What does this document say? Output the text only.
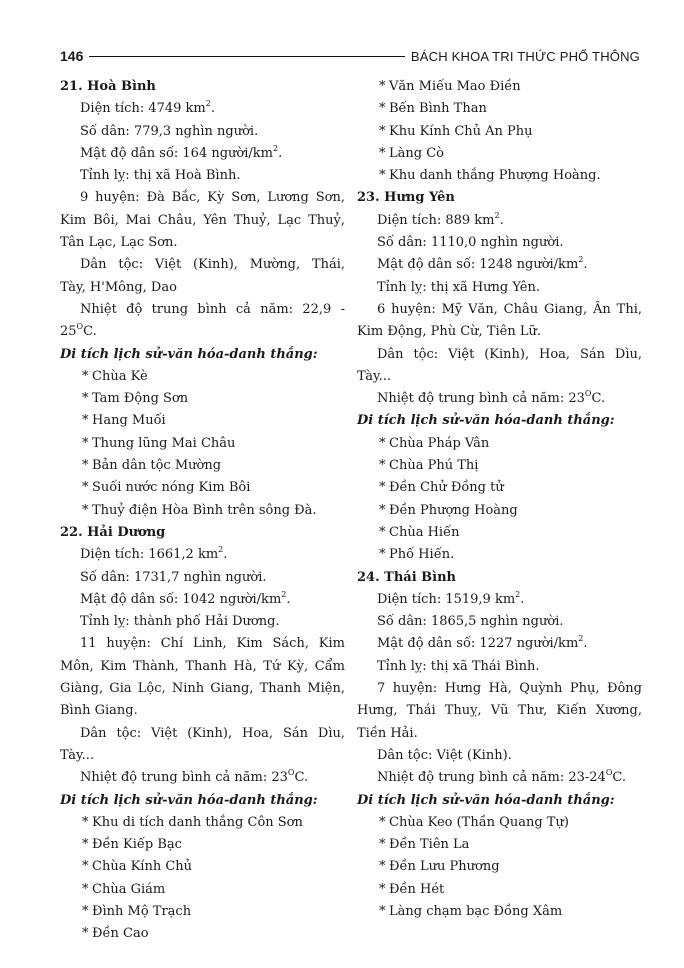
146	BÁCH KHOA TRI THỨC PHỔ THÔNG
21. Hoà Bình
Diện tích: 4749 $km^2$.
Số dân: 779,3 nghìn người.
Mật độ dân số: 164 người/$km^2$.
Tỉnh lỵ: thị xã Hoà Bình.
9 huyện: Đà Bắc, Kỳ Sơn, Lương Sơn,
Kim Bôi, Mai Châu, Yên Thuỷ, Lạc Thuỷ,
Tân Lạc, Lạc Sơn.
Dân tộc: Việt (Kinh), Mường, Thái,
Tày, H'Mông, Dao
Nhiệt độ trung bình cả năm: 22,9 -
$25^OC$.
Di tích lịch sử-văn hóa-danh thắng:
* Chùa Kè
* Tam Động Sơn
* Hang Muối
* Thung lũng Mai Châu
* Bản dân tộc Mường
* Suối nước nóng Kim Bôi
* Thuỷ điện Hòa Bình trên sông Đà.
22. Hải Dương
Diện tích: 1661,2 $km^2$.
Số dân: 1731,7 nghìn người.
Mật độ dân số: 1042 người/$km^2$.
Tỉnh lỵ: thành phố Hải Dương.
11 huyện: Chí Linh, Kim Sách, Kim
Môn, Kim Thành, Thanh Hà, Tứ Kỳ, Cẩm
Giàng, Gia Lộc, Ninh Giang, Thanh Miện,
Bình Giang.
Dân tộc: Việt (Kinh), Hoa, Sán Dìu,
Tày...
Nhiệt độ trung bình cả năm: $23^OC$.
Di tích lịch sử-văn hóa-danh thắng:
* Khu di tích danh thắng Côn Sơn
* Đền Kiếp Bạc
* Chùa Kính Chủ
* Chùa Giám
* Đình Mộ Trạch
* Đền Cao
* Văn Miếu Mao Điền
* Bến Bình Than
* Khu Kính Chủ An Phụ
* Làng Cò
* Khu danh thắng Phượng Hoàng.
23. Hưng Yên
Diện tích: 889 $km^2$.
Số dân: 1110,0 nghìn người.
Mật độ dân số: 1248 người/$km^2$.
Tỉnh lỵ: thị xã Hưng Yên.
6 huyện: Mỹ Văn, Châu Giang, Ân Thi,
Kim Động, Phù Cừ, Tiên Lữ.
Dân tộc: Việt (Kinh), Hoa, Sán Dìu,
Tày...
Nhiệt độ trung bình cả năm: $23^OC$.
Di tích lịch sử-văn hóa-danh thắng:
* Chùa Pháp Vân
* Chùa Phú Thị
* Đền Chử Đồng tử
* Đền Phượng Hoàng
* Chùa Hiến
* Phố Hiến.
24. Thái Bình
Diện tích: 1519,9 $km^2$.
Số dân: 1865,5 nghìn người.
Mật độ dân số: 1227 người/$km^2$.
Tỉnh lỵ: thị xã Thái Bình.
7 huyện: Hưng Hà, Quỳnh Phụ, Đông
Hưng, Thái Thuỵ, Vũ Thư, Kiến Xương,
Tiền Hải.
Dân tộc: Việt (Kinh).
Nhiệt độ trung bình cả năm: $23-24^OC$.
Di tích lịch sử-văn hóa-danh thắng:
* Chùa Keo (Thần Quang Tự)
* Đền Tiên La
* Đền Lưu Phương
* Đền Hét
* Làng chạm bạc Đồng Xâm
